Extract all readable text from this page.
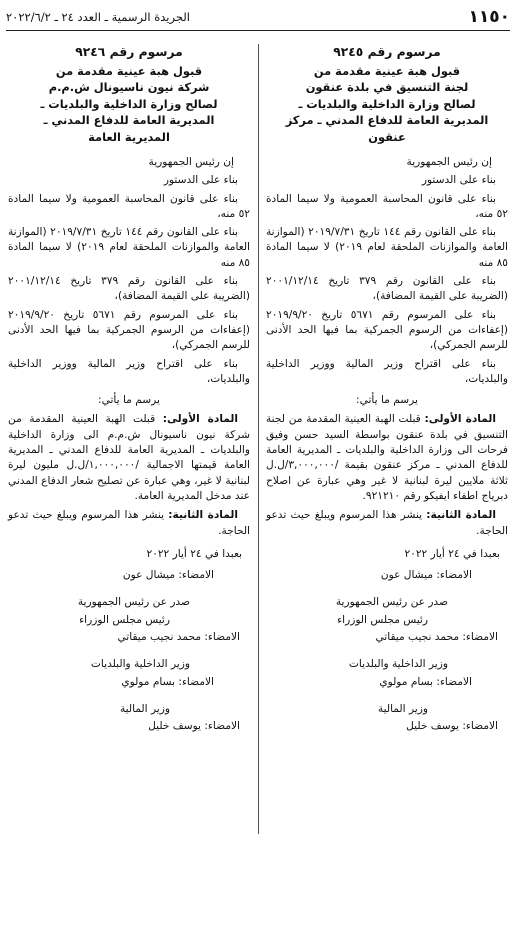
١١٥٠
الجريدة الرسمية ـ العدد ٢٤ ـ ٢٠٢٢/٦/٢
مرسوم رقم ٩٢٤٥
قبول هبة عينية مقدمة من
لجنة التنسيق في بلدة عنقون
لصالح وزارة الداخلية والبلديات ـ
المديرية العامة للدفاع المدني ـ مركز عنقون
إن رئيس الجمهورية

بناء على الدستور

بناء على قانون المحاسبة العمومية ولا سيما المادة ٥٢ منه،

بناء على القانون رقم ١٤٤ تاريخ ٢٠١٩/٧/٣١ (الموازنة العامة والموازنات الملحقة لعام ٢٠١٩) لا سيما المادة ٨٥ منه

بناء على القانون رقم ٣٧٩ تاريخ ٢٠٠١/١٢/١٤ (الضريبة على القيمة المضافة)،

بناء على المرسوم رقم ٥٦٧١ تاريخ ٢٠١٩/٩/٢٠ (إعفاءات من الرسوم الجمركية بما فيها الحد الأدنى للرسم الجمركي)،

بناء على اقتراح وزير المالية ووزير الداخلية والبلديات،

يرسم ما يأتي:

المادة الأولى: قبلت الهبة العينية المقدمة من لجنة التنسيق في بلدة عنقون بواسطة السيد حسن وفيق فرحات الى وزارة الداخلية والبلديات ـ المديرية العامة للدفاع المدني ـ مركز عنقون بقيمة /٣,٠٠٠,٠٠٠/ل.ل ثلاثة ملايين ليرة لبنانية لا غير وهي عبارة عن اصلاح دبرياج اطفاء ايفيكو رقم ٩٢١٢١٠.

المادة الثانية: ينشر هذا المرسوم ويبلغ حيث تدعو الحاجة.

بعبدا في ٢٤ أيار ٢٠٢٢
الامضاء: ميشال عون
صدر عن رئيس الجمهورية
رئيس مجلس الوزراء
الامضاء: محمد نجيب ميقاتي
وزير الداخلية والبلديات
الامضاء: بسام مولوي
وزير المالية
الامضاء: يوسف خليل
مرسوم رقم ٩٢٤٦
قبول هبة عينية مقدمة من
شركة نيون ناسيونال ش.م.م
لصالح وزارة الداخلية والبلديات ـ
المديرية العامة للدفاع المدني ـ
المديرية العامة
إن رئيس الجمهورية

بناء على الدستور

بناء على قانون المحاسبة العمومية ولا سيما المادة ٥٢ منه،

بناء على القانون رقم ١٤٤ تاريخ ٢٠١٩/٧/٣١ (الموازنة العامة والموازنات الملحقة لعام ٢٠١٩) لا سيما المادة ٨٥ منه

بناء على القانون رقم ٣٧٩ تاريخ ٢٠٠١/١٢/١٤ (الضريبة على القيمة المضافة)،

بناء على المرسوم رقم ٥٦٧١ تاريخ ٢٠١٩/٩/٢٠ (إعفاءات من الرسوم الجمركية بما فيها الحد الأدنى للرسم الجمركي)،

بناء على اقتراح وزير المالية ووزير الداخلية والبلديات،

يرسم ما يأتي:

المادة الأولى: قبلت الهبة العينية المقدمة من شركة نيون ناسيونال ش.م.م الى وزارة الداخلية والبلديات ـ المديرية العامة للدفاع المدني ـ المديرية العامة قيمتها الاجمالية /١,٠٠٠,٠٠٠/ل.ل مليون ليرة لبنانية لا غير، وهي عبارة عن تصليح شعار الدفاع المدني عند مدخل المديرية العامة.

المادة الثانية: ينشر هذا المرسوم ويبلغ حيث تدعو الحاجة.

بعبدا في ٢٤ أيار ٢٠٢٢
الامضاء: ميشال عون
صدر عن رئيس الجمهورية
رئيس مجلس الوزراء
الامضاء: محمد نجيب ميقاتي
وزير الداخلية والبلديات
الامضاء: بسام مولوي
وزير المالية
الامضاء: يوسف خليل
